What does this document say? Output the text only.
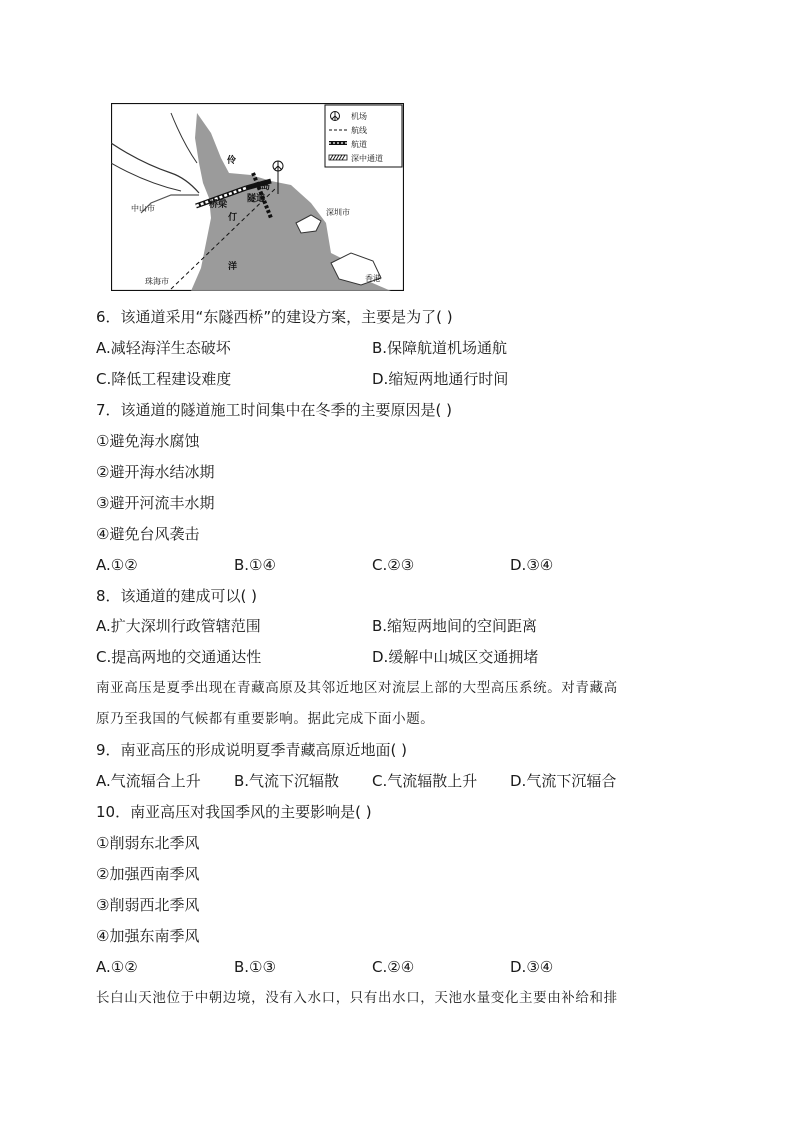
中山市	深圳市
珠海市	香港
伶
仃
洋
桥梁
隧道
岛
机场
航线
航道
深中通道
6．该通道采用“东隧西桥”的建设方案，主要是为了( )
A.减轻海洋生态破坏	B.保障航道机场通航
C.降低工程建设难度	D.缩短两地通行时间
7．该通道的隧道施工时间集中在冬季的主要原因是( )
①避免海水腐蚀
②避开海水结冰期
③避开河流丰水期
④避免台风袭击
A.①②	B.①④	C.②③	D.③④
8．该通道的建成可以( )
A.扩大深圳行政管辖范围	B.缩短两地间的空间距离
C.提高两地的交通通达性	D.缓解中山城区交通拥堵
南亚高压是夏季出现在青藏高原及其邻近地区对流层上部的大型高压系统。对青藏高
原乃至我国的气候都有重要影响。据此完成下面小题。
9．南亚高压的形成说明夏季青藏高原近地面( )
A.气流辐合上升 B.气流下沉辐散 C.气流辐散上升 D.气流下沉辐合
10．南亚高压对我国季风的主要影响是( )
①削弱东北季风
②加强西南季风
③削弱西北季风
④加强东南季风
A.①②	B.①③	C.②④	D.③④
长白山天池位于中朝边境，没有入水口，只有出水口，天池水量变化主要由补给和排
